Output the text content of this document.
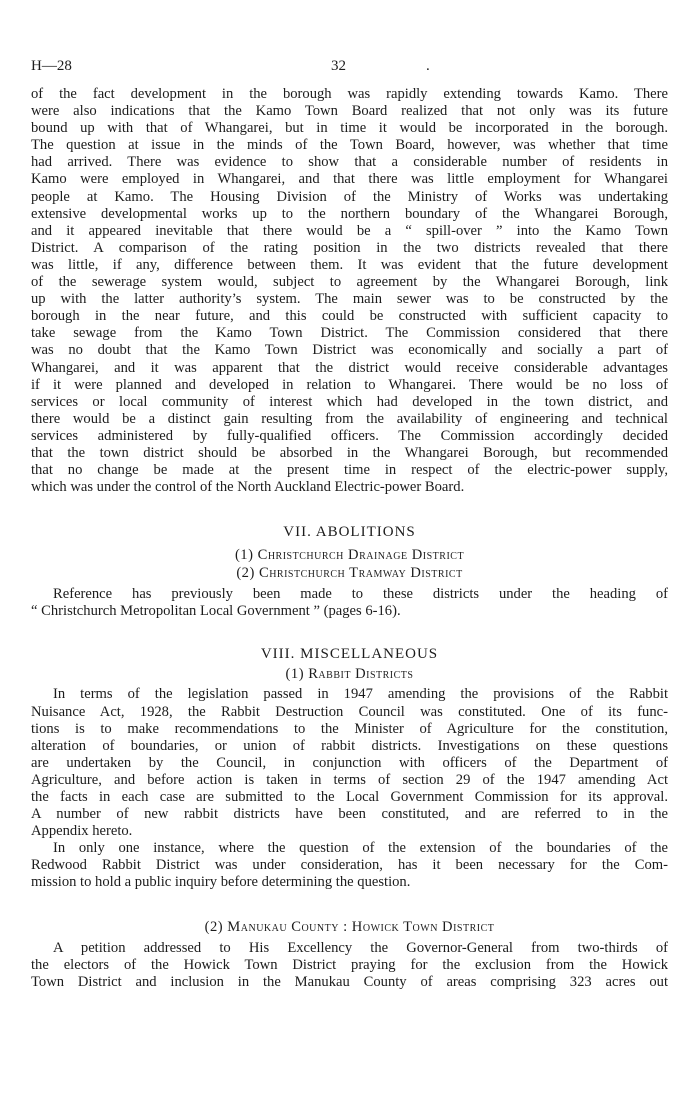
H—28	32	.

of the fact development in the borough was rapidly extending towards Kamo. There
were also indications that the Kamo Town Board realized that not only was its future
bound up with that of Whangarei, but in time it would be incorporated in the borough.
The question at issue in the minds of the Town Board, however, was whether that time
had arrived. There was evidence to show that a considerable number of residents in
Kamo were employed in Whangarei, and that there was little employment for Whangarei
people at Kamo. The Housing Division of the Ministry of Works was undertaking
extensive developmental works up to the northern boundary of the Whangarei Borough,
and it appeared inevitable that there would be a “ spill-over ” into the Kamo Town
District. A comparison of the rating position in the two districts revealed that there
was little, if any, difference between them. It was evident that the future development
of the sewerage system would, subject to agreement by the Whangarei Borough, link
up with the latter authority’s system. The main sewer was to be constructed by the
borough in the near future, and this could be constructed with sufficient capacity to
take sewage from the Kamo Town District. The Commission considered that there
was no doubt that the Kamo Town District was economically and socially a part of
Whangarei, and it was apparent that the district would receive considerable advantages
if it were planned and developed in relation to Whangarei. There would be no loss of
services or local community of interest which had developed in the town district, and
there would be a distinct gain resulting from the availability of engineering and technical
services administered by fully-qualified officers. The Commission accordingly decided
that the town district should be absorbed in the Whangarei Borough, but recommended
that no change be made at the present time in respect of the electric-power supply,
which was under the control of the North Auckland Electric-power Board.

VII. ABOLITIONS

(1) Christchurch Drainage District

(2) Christchurch Tramway District

Reference has previously been made to these districts under the heading of
“ Christchurch Metropolitan Local Government ” (pages 6-16).

VIII. MISCELLANEOUS

(1) Rabbit Districts

In terms of the legislation passed in 1947 amending the provisions of the Rabbit
Nuisance Act, 1928, the Rabbit Destruction Council was constituted. One of its func-
tions is to make recommendations to the Minister of Agriculture for the constitution,
alteration of boundaries, or union of rabbit districts. Investigations on these questions
are undertaken by the Council, in conjunction with officers of the Department of
Agriculture, and before action is taken in terms of section 29 of the 1947 amending Act
the facts in each case are submitted to the Local Government Commission for its approval.
A number of new rabbit districts have been constituted, and are referred to in the
Appendix hereto.

In only one instance, where the question of the extension of the boundaries of the
Redwood Rabbit District was under consideration, has it been necessary for the Com-
mission to hold a public inquiry before determining the question.

(2) Manukau County : Howick Town District

A petition addressed to His Excellency the Governor-General from two-thirds of
the electors of the Howick Town District praying for the exclusion from the Howick
Town District and inclusion in the Manukau County of areas comprising 323 acres out
